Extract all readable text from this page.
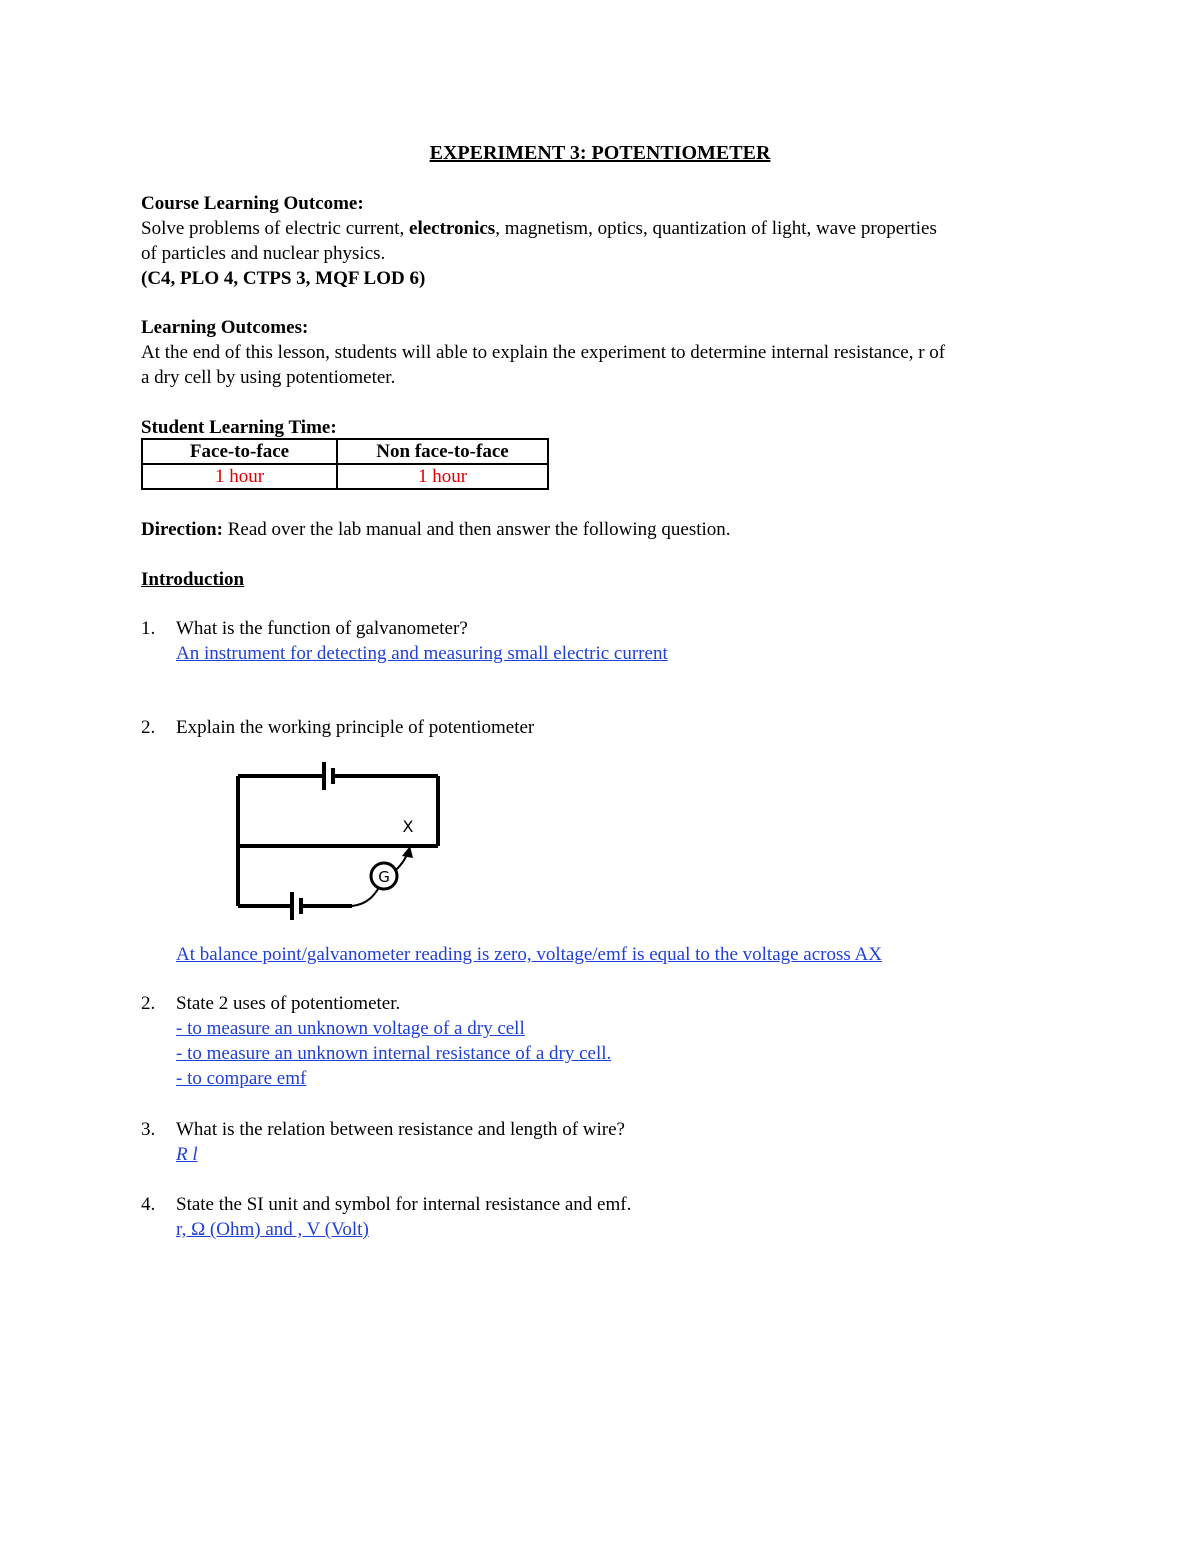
EXPERIMENT 3: POTENTIOMETER
Course Learning Outcome:
Solve problems of electric current, electronics, magnetism, optics, quantization of light, wave properties
of particles and nuclear physics.
(C4, PLO 4, CTPS 3, MQF LOD 6)
Learning Outcomes:
At the end of this lesson, students will able to explain the experiment to determine internal resistance, r of
a dry cell by using potentiometer.
Student Learning Time:
Face-to-face	Non face-to-face
1 hour	1 hour
Direction: Read over the lab manual and then answer the following question.
Introduction
1. What is the function of galvanometer?
An instrument for detecting and measuring small electric current
2. Explain the working principle of potentiometer
G
X
At balance point/galvanometer reading is zero, voltage/emf is equal to the voltage across AX
2. State 2 uses of potentiometer.
- to measure an unknown voltage of a dry cell
- to measure an unknown internal resistance of a dry cell.
- to compare emf
3. What is the relation between resistance and length of wire?
R l
4. State the SI unit and symbol for internal resistance and emf.
r, Ω (Ohm) and , V (Volt)
